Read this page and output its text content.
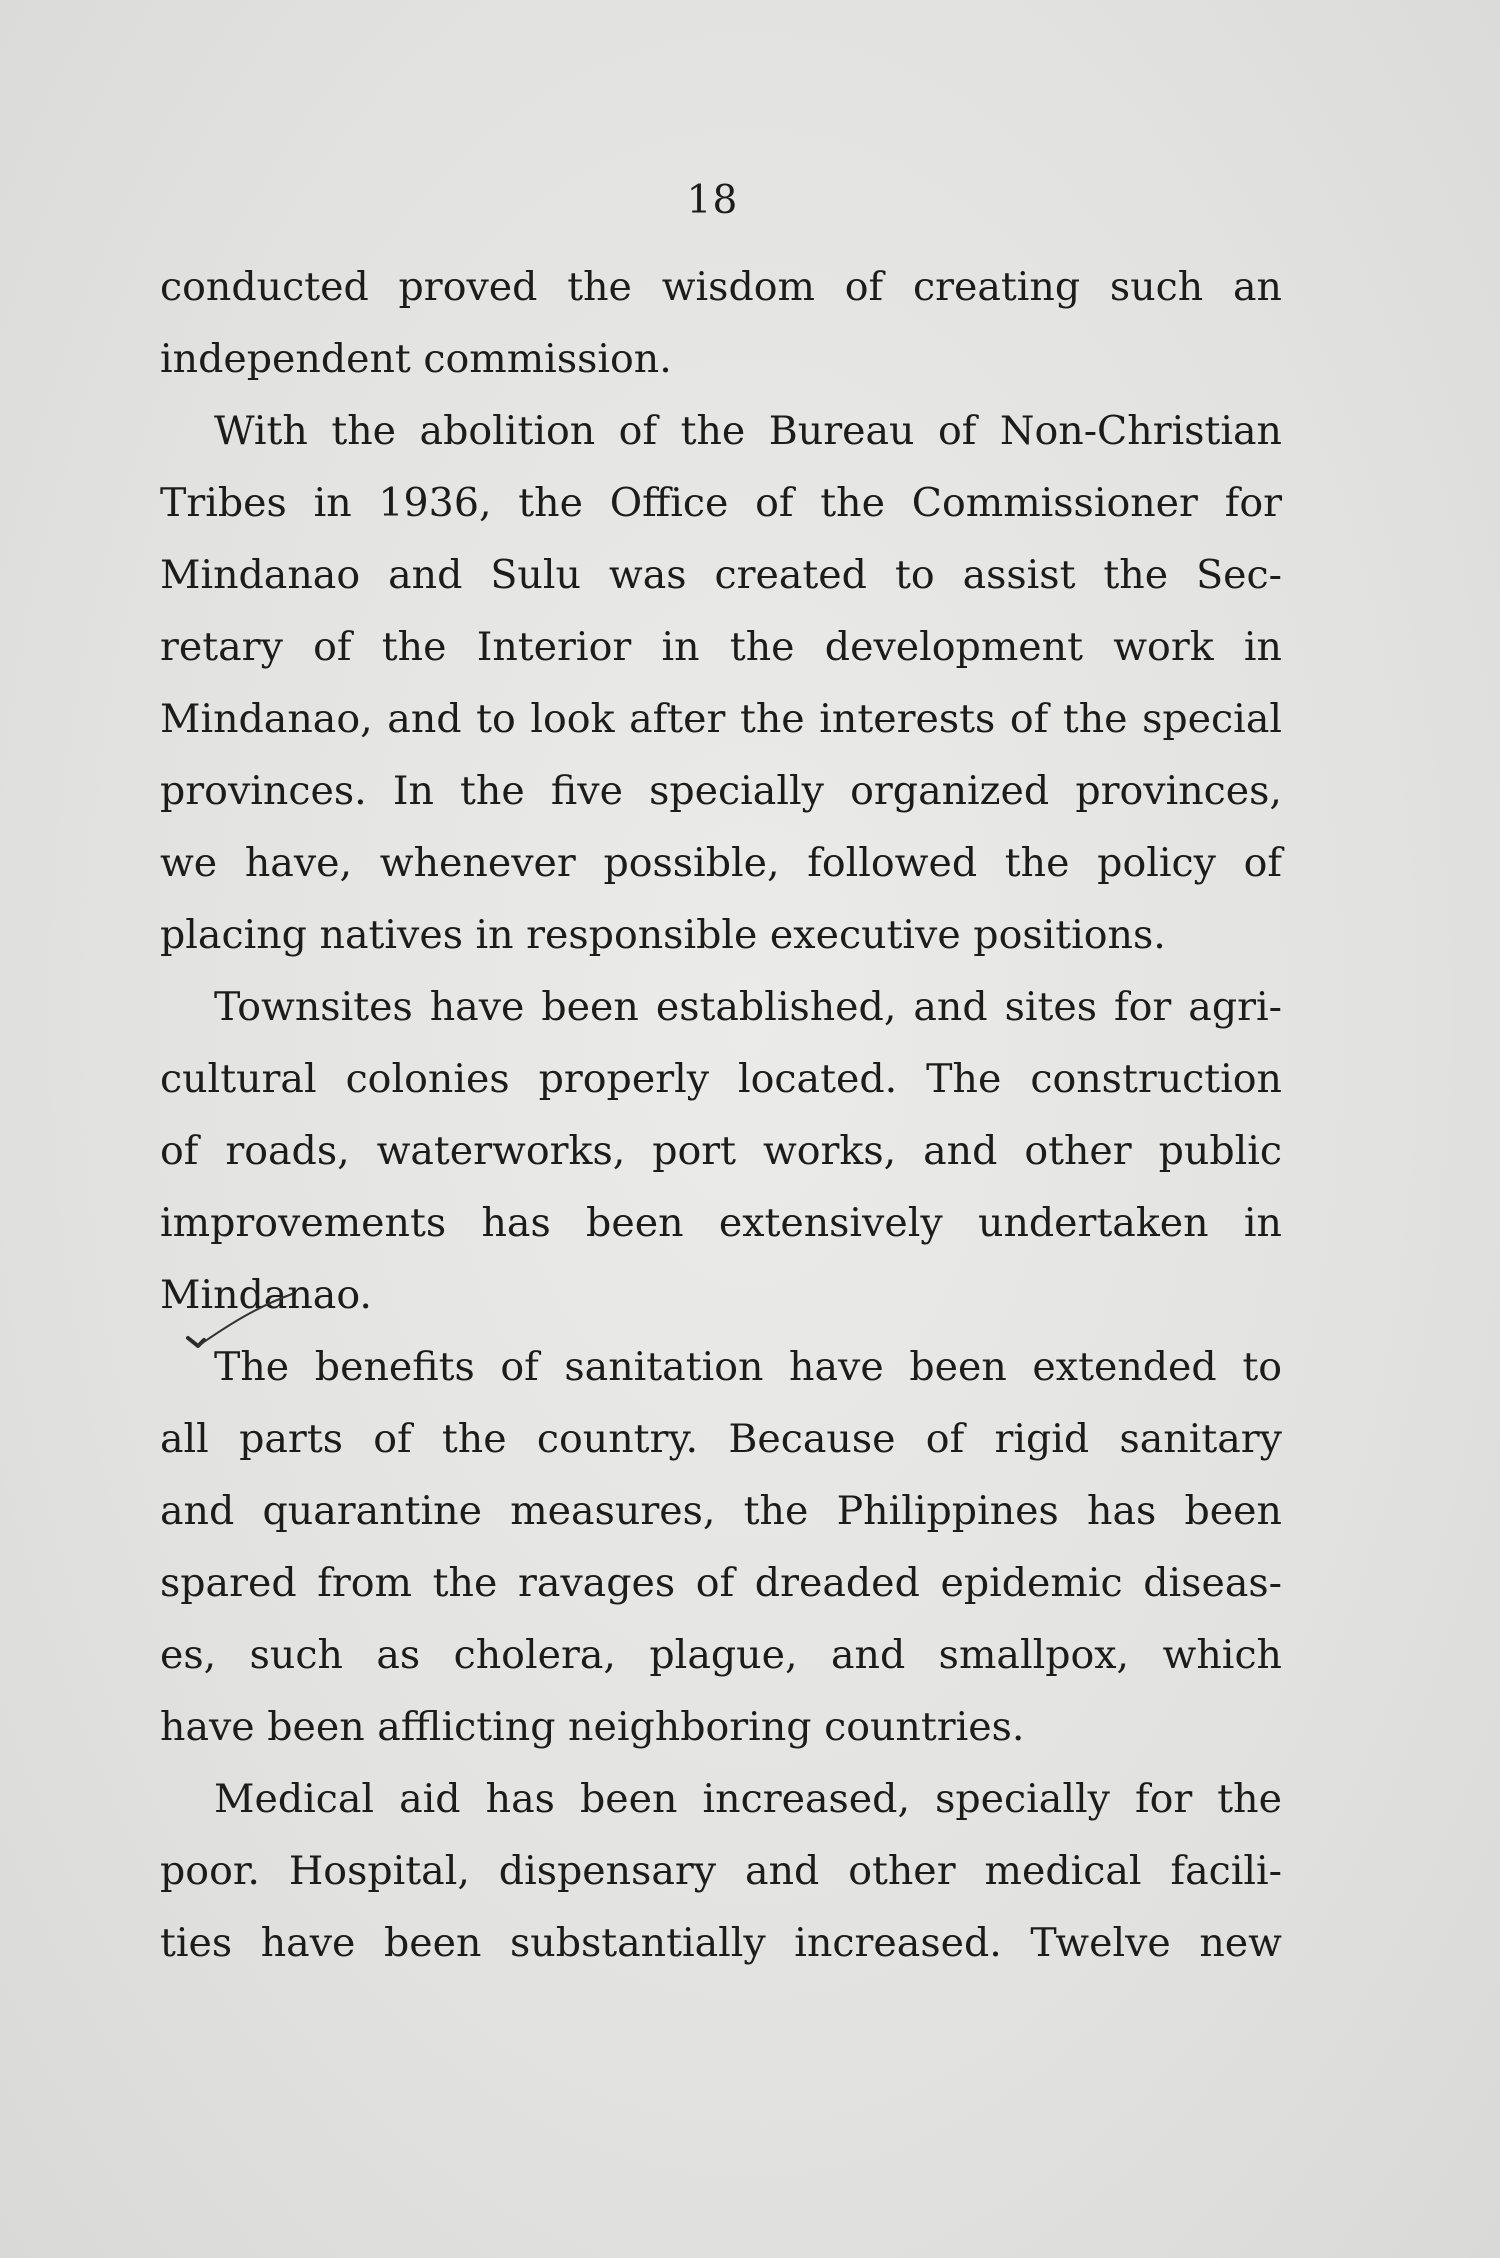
18
conducted proved the wisdom of creating such an
independent commission.
With the abolition of the Bureau of Non-Christian
Tribes in 1936, the Office of the Commissioner for
Mindanao and Sulu was created to assist the Sec-
retary of the Interior in the development work in
Mindanao, and to look after the interests of the special
provinces. In the five specially organized provinces,
we have, whenever possible, followed the policy of
placing natives in responsible executive positions.
Townsites have been established, and sites for agri-
cultural colonies properly located. The construction
of roads, waterworks, port works, and other public
improvements has been extensively undertaken in
Mindanao.
The benefits of sanitation have been extended to
all parts of the country. Because of rigid sanitary
and quarantine measures, the Philippines has been
spared from the ravages of dreaded epidemic diseas-
es, such as cholera, plague, and smallpox, which
have been afflicting neighboring countries.
Medical aid has been increased, specially for the
poor. Hospital, dispensary and other medical facili-
ties have been substantially increased. Twelve new
